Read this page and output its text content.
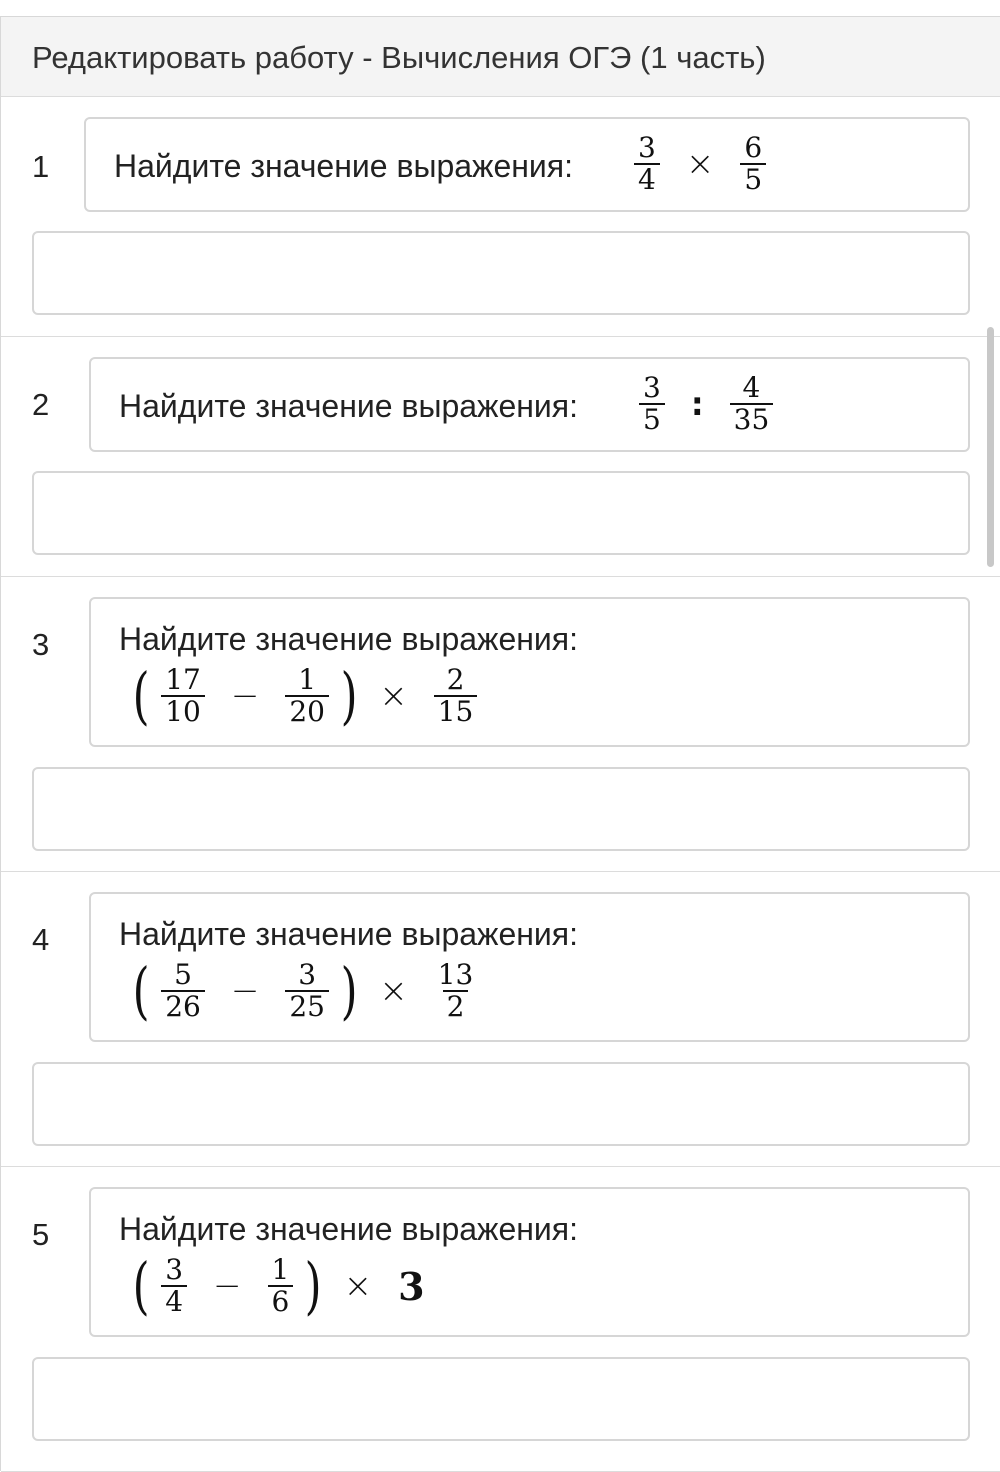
Редактировать работу - Вычисления ОГЭ (1 часть)
1 Найдите значение выражения: $\frac{3}{4} \times \frac{6}{5}$
2 Найдите значение выражения: $\frac{3}{5}$ : $\frac{4}{35}$
3 Найдите значение выражения:
( $\frac{17}{10} - \frac{1}{20}$ ) × $\frac{2}{15}$
4 Найдите значение выражения:
( $\frac{5}{26} - \frac{3}{25}$ ) × $\frac{13}{2}$
5 Найдите значение выражения:
( $\frac{3}{4} - \frac{1}{6}$ ) × 3
